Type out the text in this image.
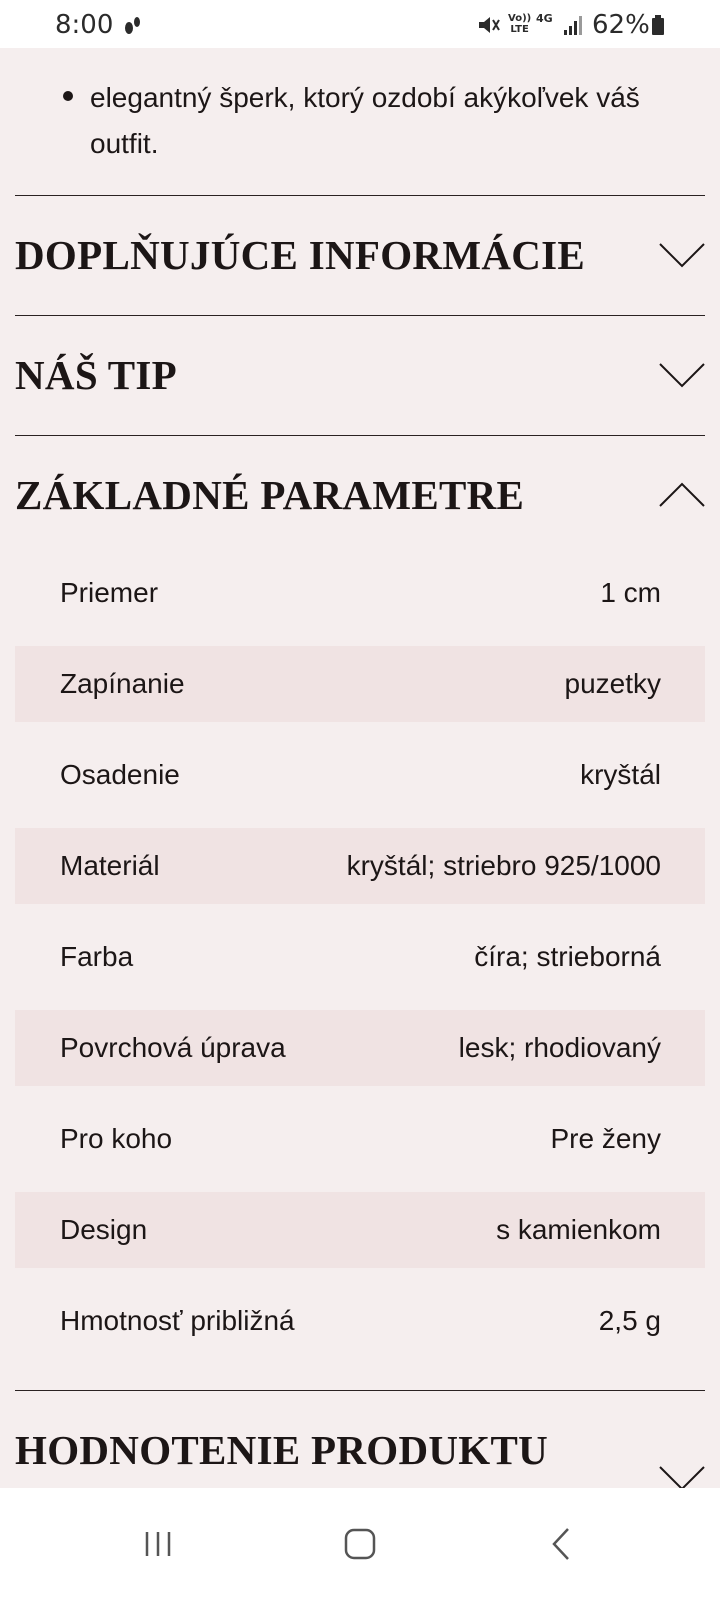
8:00	Vo))
LTE
4G 62%
elegantný šperk, ktorý ozdobí akýkoľvek váš outfit.
DOPLŇUJÚCE INFORMÁCIE
NÁŠ TIP
ZÁKLADNÉ PARAMETRE
Priemer	1 cm
Zapínanie	puzetky
Osadenie	kryštál
Materiál	kryštál; striebro 925/1000
Farba	číra; strieborná
Povrchová úprava	lesk; rhodiovaný
Pro koho	Pre ženy
Design	s kamienkom
Hmotnosť približná	2,5 g
HODNOTENIE PRODUKTU
